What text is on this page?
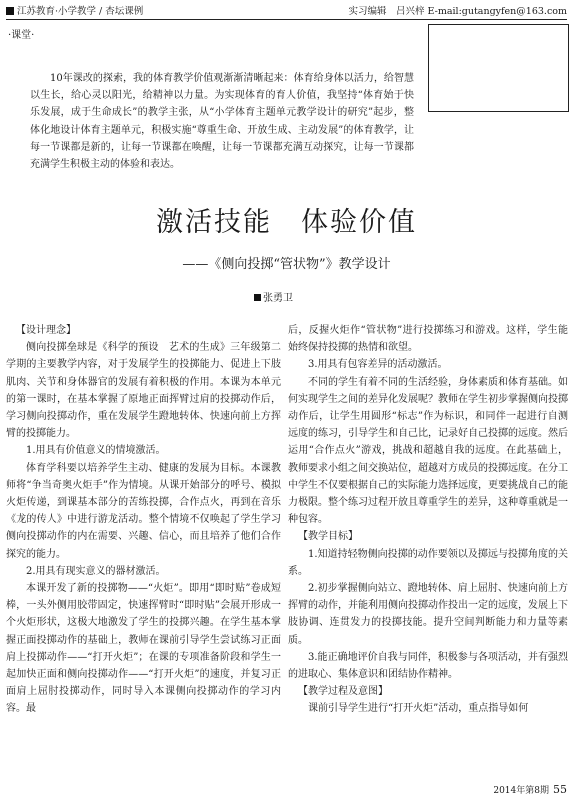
江苏教育·小学教学 / 杏坛课例	实习编辑　吕兴梓 E-mail:gutangyfen@163.com
·课堂·

10年课改的探索，我的体育教学价值观渐渐清晰起来：体育给身体以活力，给智慧以生长，给心灵以阳光，给精神以力量。为实现体育的育人价值，我坚持“体育始于快乐发展，成于生命成长”的教学主张，从“小学体育主题单元教学设计的研究”起步，整体化地设计体育主题单元，积极实施“尊重生命、开放生成、主动发展”的体育教学，让每一节课都是新的，让每一节课都在唤醒，让每一节课都充满互动探究，让每一节课都充满学生积极主动的体验和表达。

激活技能　体验价值
——《侧向投掷“管状物”》教学设计
张勇卫

【设计理念】

侧向投掷垒球是《科学的预设　艺术的生成》三年级第二学期的主要教学内容，对于发展学生的投掷能力、促进上下肢肌肉、关节和身体器官的发展有着积极的作用。本课为本单元的第一课时，在基本掌握了原地正面挥臂过肩的投掷动作后，学习侧向投掷动作，重在发展学生蹬地转体、快速向前上方挥臂的投掷能力。

1.用具有价值意义的情境激活。

体育学科要以培养学生主动、健康的发展为目标。本课教师将“争当奇奥火炬手”作为情境。从课开始部分的呼号、模拟火炬传递，到课基本部分的苦练投掷，合作点火，再到在音乐《龙的传人》中进行游龙活动。整个情境不仅唤起了学生学习侧向投掷动作的内在需要、兴趣、信心，而且培养了他们合作探究的能力。

2.用具有现实意义的器材激活。

本课开发了新的投掷物——“火炬”。即用“即时贴”卷成短棒，一头外侧用胶带固定，快速挥臂时“即时贴”会展开形成一个火炬形状，这极大地激发了学生的投掷兴趣。在学生基本掌握正面投掷动作的基础上，教师在课前引导学生尝试练习正面肩上投掷动作——“打开火炬”；在课的专项准备阶段和学生一起加快正面和侧向投掷动作——“打开火炬”的速度，并复习正面肩上屈肘投掷动作，同时导入本课侧向投掷动作的学习内容。最

后，反握火炬作“管状物”进行投掷练习和游戏。这样，学生能始终保持投掷的热情和欲望。

3.用具有包容差异的活动激活。

不同的学生有着不同的生活经验，身体素质和体育基础。如何实现学生之间的差异化发展呢？教师在学生初步掌握侧向投掷动作后，让学生用圆形“标志”作为标识，和同伴一起进行自测远度的练习，引导学生和自己比，记录好自己投掷的远度。然后运用“合作点火”游戏，挑战和超越自我的远度。在此基础上，教师要求小组之间交换站位，超越对方成员的投掷远度。在分工中学生不仅要根据自己的实际能力选择远度，更要挑战自己的能力极限。整个练习过程开放且尊重学生的差异，这种尊重就是一种包容。

【教学目标】

1.知道持轻物侧向投掷的动作要领以及掷远与投掷角度的关系。

2.初步掌握侧向站立、蹬地转体、肩上屈肘、快速向前上方挥臂的动作，并能利用侧向投掷动作投出一定的远度，发展上下肢协调、连贯发力的投掷技能。提升空间判断能力和力量等素质。

3.能正确地评价自我与同伴，积极参与各项活动，并有强烈的进取心、集体意识和团结协作精神。

【教学过程及意图】

课前引导学生进行“打开火炬”活动，重点指导如何

2014年第8期 55
